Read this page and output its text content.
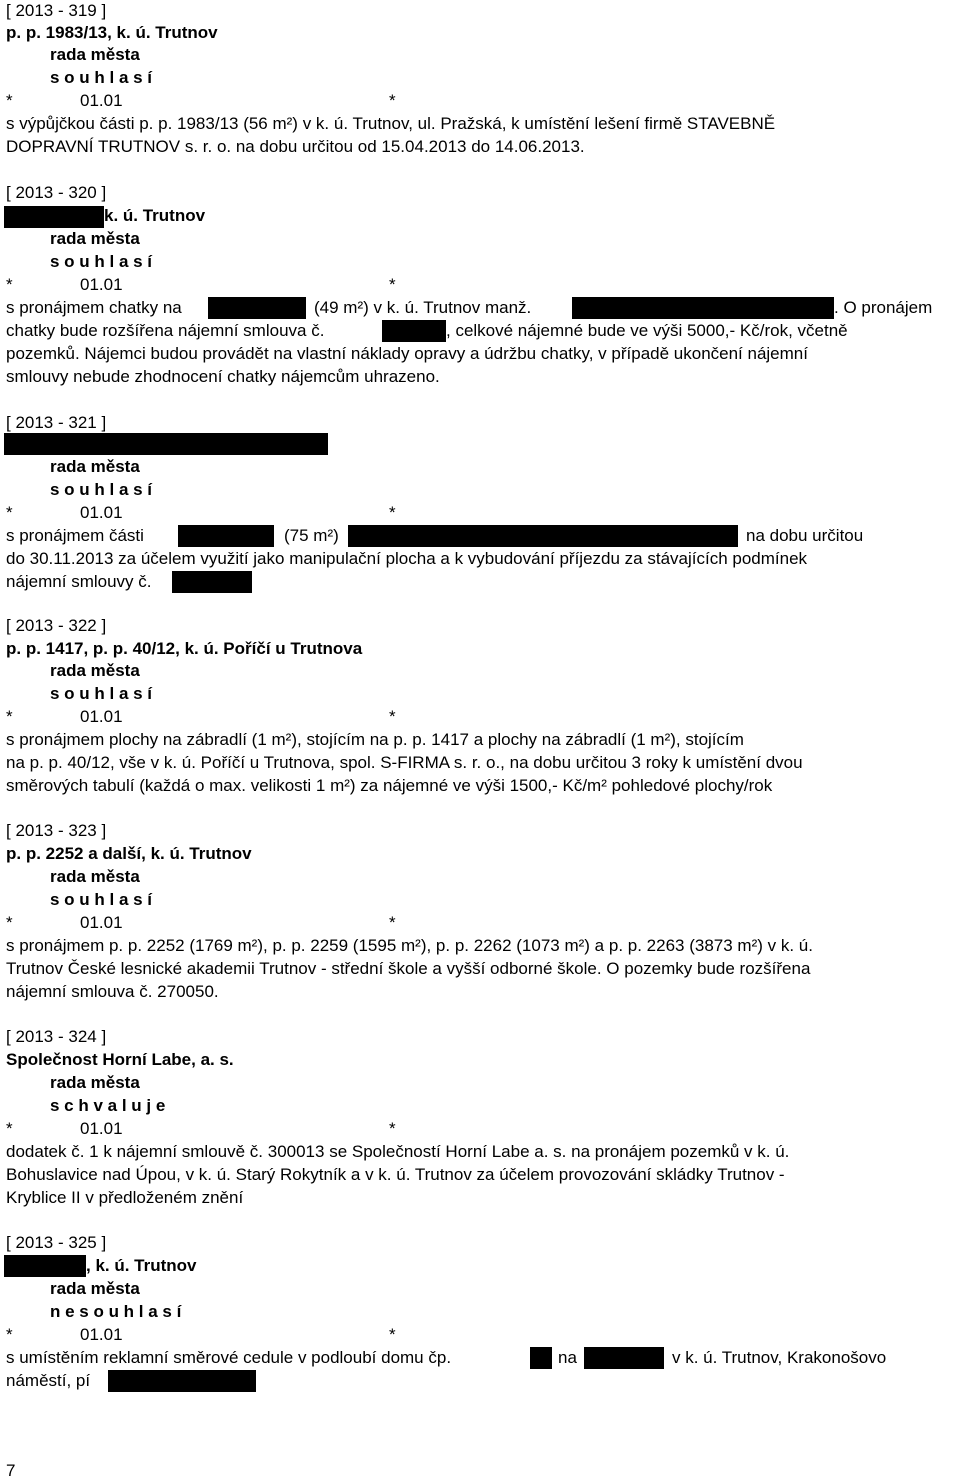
[ 2013 - 319 ]
p. p. 1983/13, k. ú. Trutnov
rada města
s o u h l a s í
*	01.01	*
s výpůjčkou části p. p. 1983/13 (56 m²) v k. ú. Trutnov, ul. Pražská, k umístění lešení firmě STAVEBNĚ
DOPRAVNÍ TRUTNOV s. r. o. na dobu určitou od 15.04.2013 do 14.06.2013.
[ 2013 - 320 ]
k. ú. Trutnov
rada města
s o u h l a s í
*	01.01	*
s pronájmem chatky na	(49 m²) v k. ú. Trutnov manž.	. O pronájem
chatky bude rozšířena nájemní smlouva č.	, celkové nájemné bude ve výši 5000,- Kč/rok, včetně
pozemků. Nájemci budou provádět na vlastní náklady opravy a údržbu chatky, v případě ukončení nájemní
smlouvy nebude zhodnocení chatky nájemcům uhrazeno.
[ 2013 - 321 ]
rada města
s o u h l a s í
*	01.01	*
s pronájmem části	(75 m²)	na dobu určitou
do 30.11.2013 za účelem využití jako manipulační plocha a k vybudování příjezdu za stávajících podmínek
nájemní smlouvy č.
[ 2013 - 322 ]
p. p. 1417, p. p. 40/12, k. ú. Poříčí u Trutnova
rada města
s o u h l a s í
*	01.01	*
s pronájmem plochy na zábradlí (1 m²), stojícím na p. p. 1417 a plochy na zábradlí (1 m²), stojícím
na p. p. 40/12, vše v k. ú. Poříčí u Trutnova, spol. S-FIRMA s. r. o., na dobu určitou 3 roky k umístění dvou
směrových tabulí (každá o max. velikosti 1 m²) za nájemné ve výši 1500,- Kč/m² pohledové plochy/rok
[ 2013 - 323 ]
p. p. 2252 a další, k. ú. Trutnov
rada města
s o u h l a s í
*	01.01	*
s pronájmem p. p. 2252 (1769 m²), p. p. 2259 (1595 m²), p. p. 2262 (1073 m²) a p. p. 2263 (3873 m²) v k. ú.
Trutnov České lesnické akademii Trutnov - střední škole a vyšší odborné škole. O pozemky bude rozšířena
nájemní smlouva č. 270050.
[ 2013 - 324 ]
Společnost Horní Labe, a. s.
rada města
s c h v a l u j e
*	01.01	*
dodatek č. 1 k nájemní smlouvě č. 300013 se Společností Horní Labe a. s. na pronájem pozemků v k. ú.
Bohuslavice nad Úpou, v k. ú. Starý Rokytník a v k. ú. Trutnov za účelem provozování skládky Trutnov -
Kryblice II v předloženém znění
[ 2013 - 325 ]
, k. ú. Trutnov
rada města
n e s o u h l a s í
*	01.01	*
s umístěním reklamní směrové cedule v podloubí domu čp.	na	v k. ú. Trutnov, Krakonošovo
náměstí, pí
7
